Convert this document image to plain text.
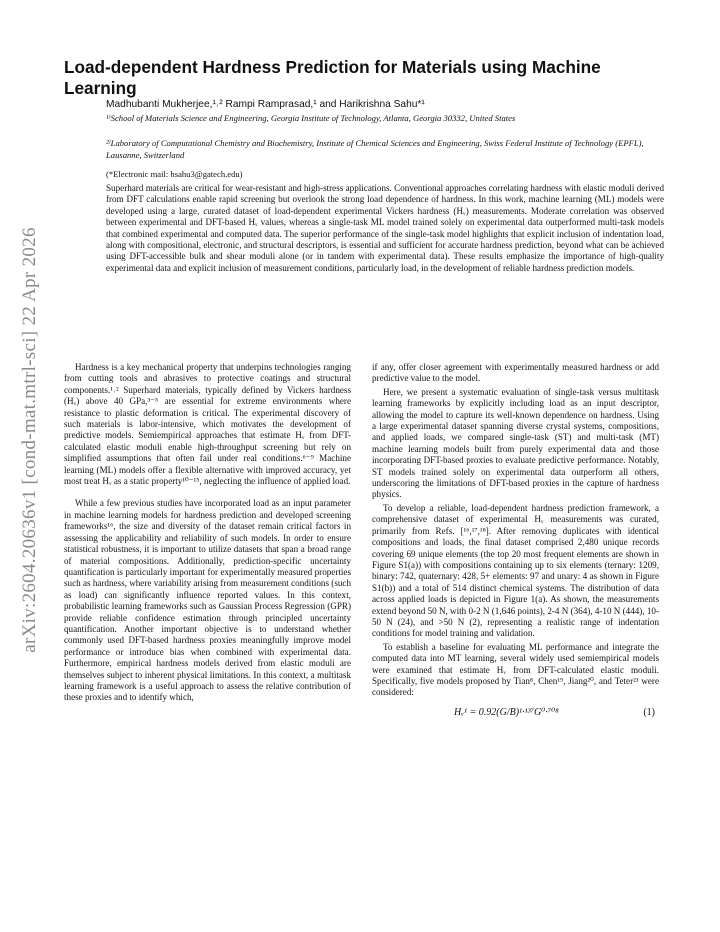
arXiv:2604.20636v1 [cond-mat.mtrl-sci] 22 Apr 2026
Load-dependent Hardness Prediction for Materials using Machine Learning
Madhubanti Mukherjee,¹˒² Rampi Ramprasad,¹ and Harikrishna Sahu*¹
¹⁾School of Materials Science and Engineering, Georgia Institute of Technology, Atlanta, Georgia 30332, United States
²⁾Laboratory of Computational Chemistry and Biochemistry, Institute of Chemical Sciences and Engineering, Swiss Federal Institute of Technology (EPFL), Lausanne, Switzerland
(*Electronic mail: hsahu3@gatech.edu)

Superhard materials are critical for wear-resistant and high-stress applications. Conventional approaches correlating hardness with elastic moduli derived from DFT calculations enable rapid screening but overlook the strong load dependence of hardness. In this work, machine learning (ML) models were developed using a large, curated dataset of load-dependent experimental Vickers hardness (Hᵥ) measurements. Moderate correlation was observed between experimental and DFT-based Hᵥ values, whereas a single-task ML model trained solely on experimental data outperformed multi-task models that combined experimental and computed data. The superior performance of the single-task model highlights that explicit inclusion of indentation load, along with compositional, electronic, and structural descriptors, is essential and sufficient for accurate hardness prediction, beyond what can be achieved using DFT-accessible bulk and shear moduli alone (or in tandem with experimental data). These results emphasize the importance of high-quality experimental data and explicit inclusion of measurement conditions, particularly load, in the development of reliable hardness prediction models.

Hardness is a key mechanical property that underpins technologies ranging from cutting tools and abrasives to protective coatings and structural components.¹˒² Superhard materials, typically defined by Vickers hardness (Hᵥ) above 40 GPa,³⁻⁵ are essential for extreme environments where resistance to plastic deformation is critical. The experimental discovery of such materials is labor-intensive, which motivates the development of predictive models. Semiempirical approaches that estimate Hᵥ from DFT-calculated elastic moduli enable high-throughput screening but rely on simplified assumptions that often fail under real conditions.⁶⁻⁹ Machine learning (ML) models offer a flexible alternative with improved accuracy, yet most treat Hᵥ as a static property¹⁰⁻¹⁵, neglecting the influence of applied load.

While a few previous studies have incorporated load as an input parameter in machine learning models for hardness prediction and developed screening frameworks¹⁶, the size and diversity of the dataset remain critical factors in assessing the applicability and reliability of such models. In order to ensure statistical robustness, it is important to utilize datasets that span a broad range of material compositions. Additionally, prediction-specific uncertainty quantification is particularly important for experimentally measured properties such as hardness, where variability arising from measurement conditions (such as load) can significantly influence reported values. In this context, probabilistic learning frameworks such as Gaussian Process Regression (GPR) provide reliable confidence estimation through principled uncertainty quantification. Another important objective is to understand whether commonly used DFT-based hardness proxies meaningfully improve model performance or introduce bias when combined with experimental data. Furthermore, empirical hardness models derived from elastic moduli are themselves subject to inherent physical limitations. In this context, a multitask learning framework is a useful approach to assess the relative contribution of these proxies and to identify which,

if any, offer closer agreement with experimentally measured hardness or add predictive value to the model.

Here, we present a systematic evaluation of single-task versus multitask learning frameworks by explicitly including load as an input descriptor, allowing the model to capture its well-known dependence on hardness. Using a large experimental dataset spanning diverse crystal systems, compositions, and applied loads, we compared single-task (ST) and multi-task (MT) machine learning models built from purely experimental data and those incorporating DFT-based proxies to evaluate predictive performance. Notably, ST models trained solely on experimental data outperform all others, underscoring the limitations of DFT-based proxies in the capture of hardness physics.

To develop a reliable, load-dependent hardness prediction framework, a comprehensive dataset of experimental Hᵥ measurements was curated, primarily from Refs. [¹⁶,¹⁷,¹⁸]. After removing duplicates with identical compositions and loads, the final dataset comprised 2,480 unique records covering 69 unique elements (the top 20 most frequent elements are shown in Figure S1(a)) with compositions containing up to six elements (ternary: 1209, binary: 742, quaternary: 428, 5+ elements: 97 and unary: 4 as shown in Figure S1(b)) and a total of 514 distinct chemical systems. The distribution of data across applied loads is depicted in Figure 1(a). As shown, the measurements extend beyond 50 N, with 0-2 N (1,646 points), 2-4 N (364), 4-10 N (444), 10-50 N (24), and >50 N (2), representing a realistic range of indentation conditions for model training and validation.

To establish a baseline for evaluating ML performance and integrate the computed data into MT learning, several widely used semiempirical models were examined that estimate Hᵥ from DFT-calculated elastic moduli. Specifically, five models proposed by Tian⁸, Chen¹⁹, Jiang²⁰, and Teter²¹ were considered:

Hᵥ¹ = 0.92(G/B)¹·¹³⁷G⁰·⁷⁰⁸	(1)
